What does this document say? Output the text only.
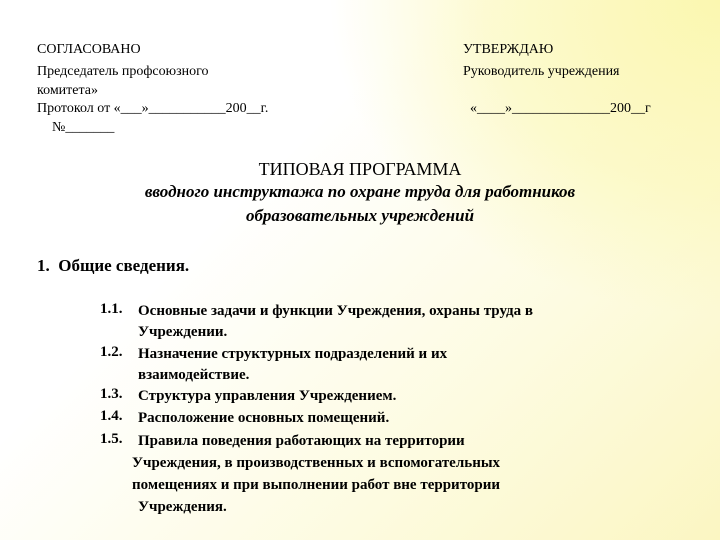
СОГЛАСОВАНО
Председатель профсоюзного
комитета»
Протокол от «___»___________200__г.
№_______
УТВЕРЖДАЮ
Руководитель учреждения
«____»______________200__г
ТИПОВАЯ ПРОГРАММА
вводного инструктажа по охране труда для работников
образовательных учреждений
1.  Общие сведения.
1.1. Основные задачи и функции Учреждения, охраны труда в
Учреждении.
1.2. Назначение структурных подразделений и их
взаимодействие.
1.3. Структура управления Учреждением.
1.4. Расположение основных помещений.
1.5. Правила поведения работающих на территории
Учреждения, в производственных и вспомогательных
помещениях и при выполнении работ вне территории
Учреждения.
